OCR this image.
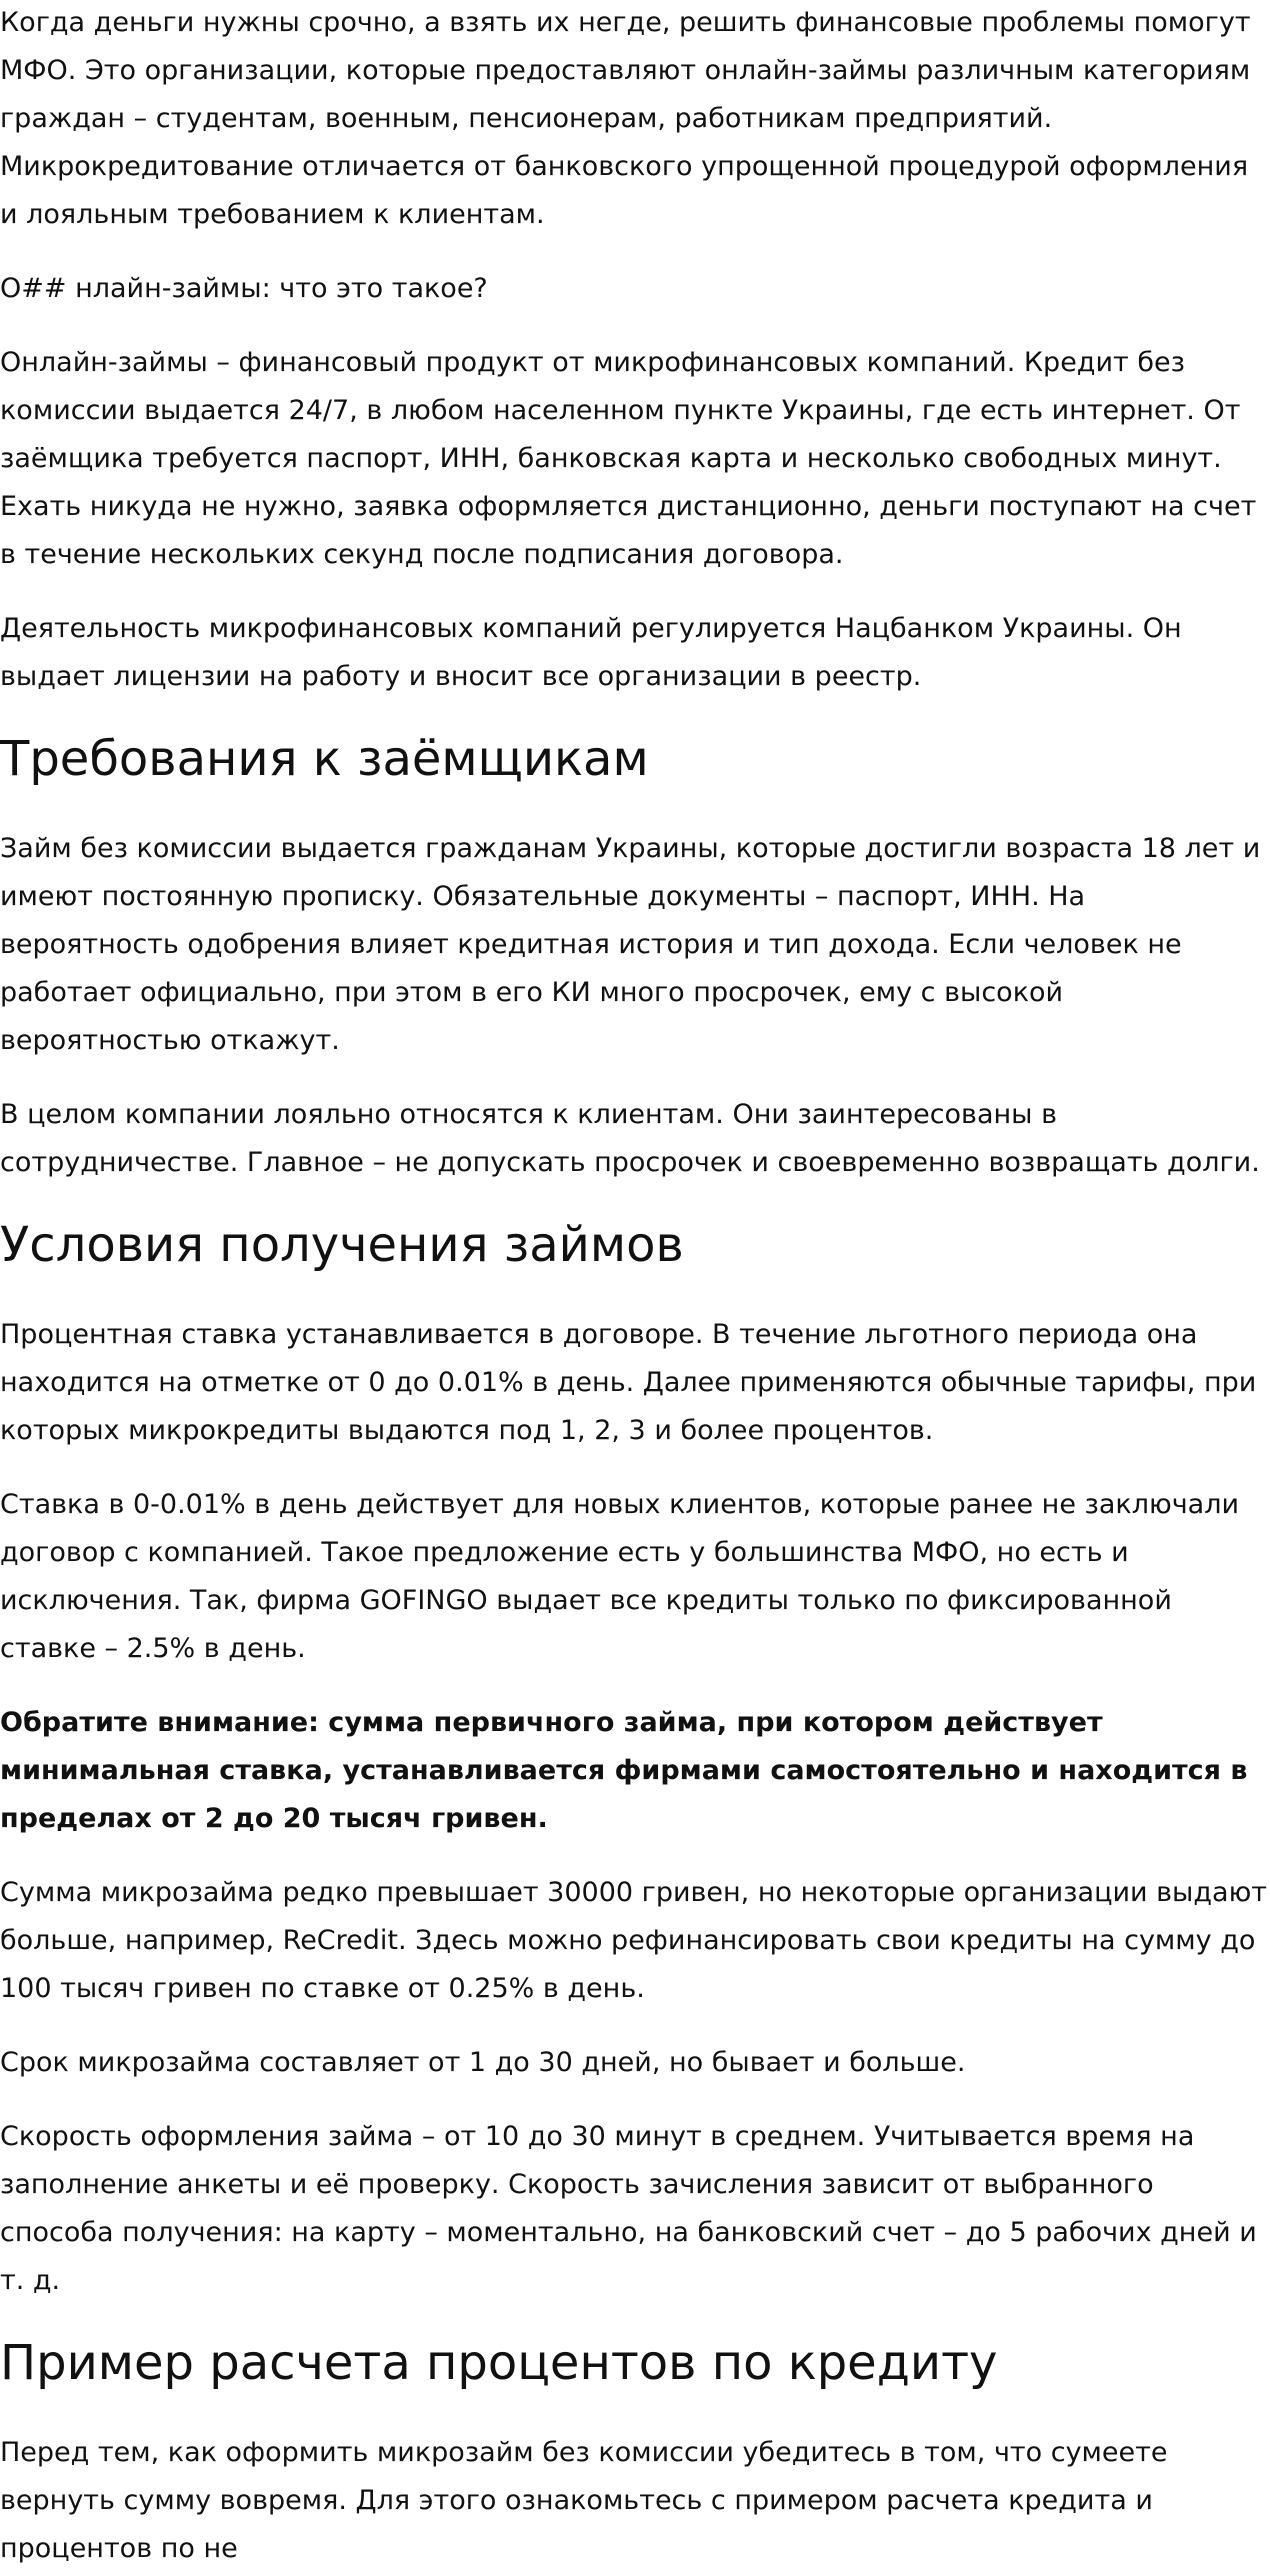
Когда деньги нужны срочно, а взять их негде, решить финансовые проблемы помогут МФО. Это организации, которые предоставляют онлайн-займы различным категориям граждан – студентам, военным, пенсионерам, работникам предприятий. Микрокредитование отличается от банковского упрощенной процедурой оформления и лояльным требованием к клиентам.

О## нлайн-займы: что это такое?

Онлайн-займы – финансовый продукт от микрофинансовых компаний. Кредит без комиссии выдается 24/7, в любом населенном пункте Украины, где есть интернет. От заёмщика требуется паспорт, ИНН, банковская карта и несколько свободных минут. Ехать никуда не нужно, заявка оформляется дистанционно, деньги поступают на счет в течение нескольких секунд после подписания договора.

Деятельность микрофинансовых компаний регулируется Нацбанком Украины. Он выдает лицензии на работу и вносит все организации в реестр.

Требования к заёмщикам

Займ без комиссии выдается гражданам Украины, которые достигли возраста 18 лет и имеют постоянную прописку. Обязательные документы – паспорт, ИНН. На вероятность одобрения влияет кредитная история и тип дохода. Если человек не работает официально, при этом в его КИ много просрочек, ему с высокой вероятностью откажут.

В целом компании лояльно относятся к клиентам. Они заинтересованы в сотрудничестве. Главное – не допускать просрочек и своевременно возвращать долги.

Условия получения займов

Процентная ставка устанавливается в договоре. В течение льготного периода она находится на отметке от 0 до 0.01% в день. Далее применяются обычные тарифы, при которых микрокредиты выдаются под 1, 2, 3 и более процентов.

Ставка в 0-0.01% в день действует для новых клиентов, которые ранее не заключали договор с компанией. Такое предложение есть у большинства МФО, но есть и исключения. Так, фирма GOFINGO выдает все кредиты только по фиксированной ставке – 2.5% в день.

Обратите внимание: сумма первичного займа, при котором действует минимальная ставка, устанавливается фирмами самостоятельно и находится в пределах от 2 до 20 тысяч гривен.

Сумма микрозайма редко превышает 30000 гривен, но некоторые организации выдают больше, например, ReCredit. Здесь можно рефинансировать свои кредиты на сумму до 100 тысяч гривен по ставке от 0.25% в день.

Срок микрозайма составляет от 1 до 30 дней, но бывает и больше.

Скорость оформления займа – от 10 до 30 минут в среднем. Учитывается время на заполнение анкеты и её проверку. Скорость зачисления зависит от выбранного способа получения: на карту – моментально, на банковский счет – до 5 рабочих дней и т. д.

Пример расчета процентов по кредиту

Перед тем, как оформить микрозайм без комиссии убедитесь в том, что сумеете вернуть сумму вовремя. Для этого ознакомьтесь с примером расчета кредита и процентов по не
